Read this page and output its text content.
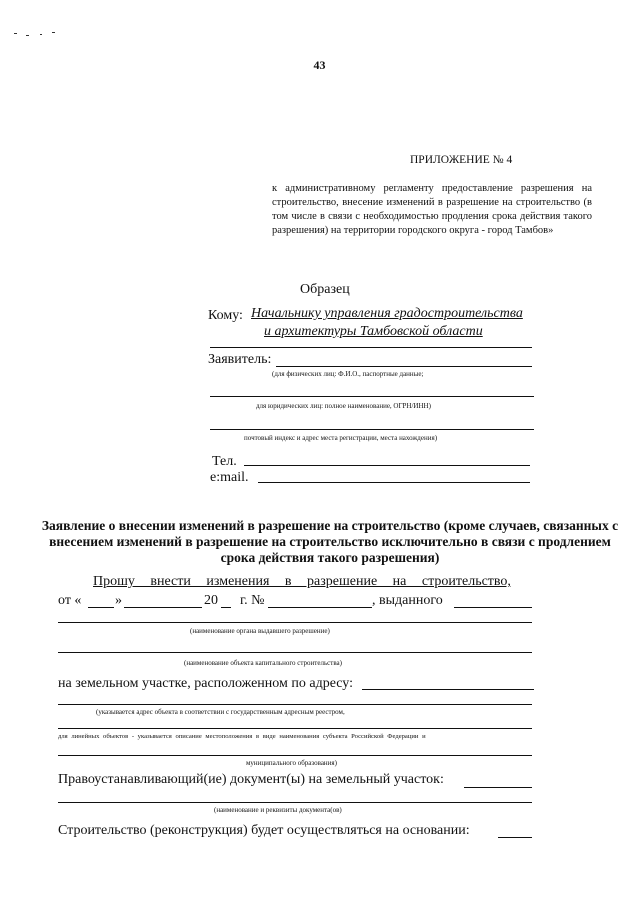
43
ПРИЛОЖЕНИЕ № 4
к административному регламенту предоставление разрешения на строительство, внесение изменений в разрешение на строительство (в том числе в связи с необходимостью продления срока действия такого разрешения) на территории городского округа - город Тамбов»
Образец
Кому: Начальнику управления градостроительства
и архитектуры Тамбовской области
Заявитель:
(для физических лиц: Ф.И.О., паспортные данные;
для юридических лиц: полное наименование, ОГРН/ИНН)
почтовый индекс и адрес места регистрации, места нахождения)
Тел.
e:mail.
Заявление о внесении изменений в разрешение на строительство (кроме случаев, связанных с внесением изменений в разрешение на строительство исключительно в связи с продлением срока действия такого разрешения)
Прошу внести изменения в разрешение на строительство,
от « »	20 г. №	, выданного
(наименование органа выдавшего разрешение)
(наименование объекта капитального строительства)
на земельном участке, расположенном по адресу:
(указывается адрес объекта в соответствии с государственным адресным реестром,
для линейных объектов - указывается описание местоположения в виде наименования субъекта Российской Федерации и
муниципального образования)
Правоустанавливающий(ие) документ(ы) на земельный участок:
(наименование и реквизиты документа(ов)
Строительство (реконструкция) будет осуществляться на основании:
